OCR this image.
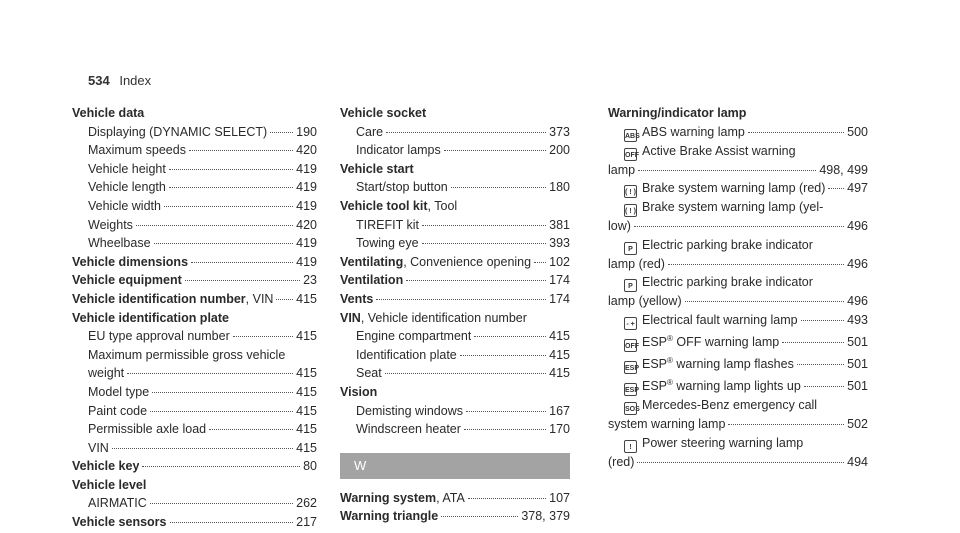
534 Index
Vehicle data
Displaying (DYNAMIC SELECT) 190
Maximum speeds	420
Vehicle height	419
Vehicle length	419
Vehicle width	419
Weights	420
Wheelbase	419
Vehicle dimensions	419
Vehicle equipment	23
Vehicle identification number, VIN 415
Vehicle identification plate
EU type approval number	415
Maximum permissible gross vehicle
weight	415
Model type	415
Paint code	415
Permissible axle load	415
VIN	415
Vehicle key	80
Vehicle level
AIRMATIC	262
Vehicle sensors	217
Vehicle socket
Care	373
Indicator lamps	200
Vehicle start
Start/stop button	180
Vehicle tool kit, Tool
TIREFIT kit	381
Towing eye	393
Ventilating, Convenience opening 102
Ventilation	174
Vents	174
VIN, Vehicle identification number
Engine compartment	415
Identification plate	415
Seat	415
Vision
Demisting windows	167
Windscreen heater	170
W
Warning system, ATA	107
Warning triangle	378, 379
Warning/indicator lamp
ABS ABS warning lamp	500
OFF Active Brake Assist warning
lamp	498, 499
( ! ) Brake system warning lamp (red) 497
( ! ) Brake system warning lamp (yel-
low)	496
P Electric parking brake indicator
lamp (red)	496
P Electric parking brake indicator
lamp (yellow)	496
- + Electrical fault warning lamp	493
OFF ESP® OFF warning lamp	501
ESP ESP® warning lamp flashes	501
ESP ESP® warning lamp lights up	501
SOS Mercedes-Benz emergency call
system warning lamp	502
! Power steering warning lamp
(red)	494
